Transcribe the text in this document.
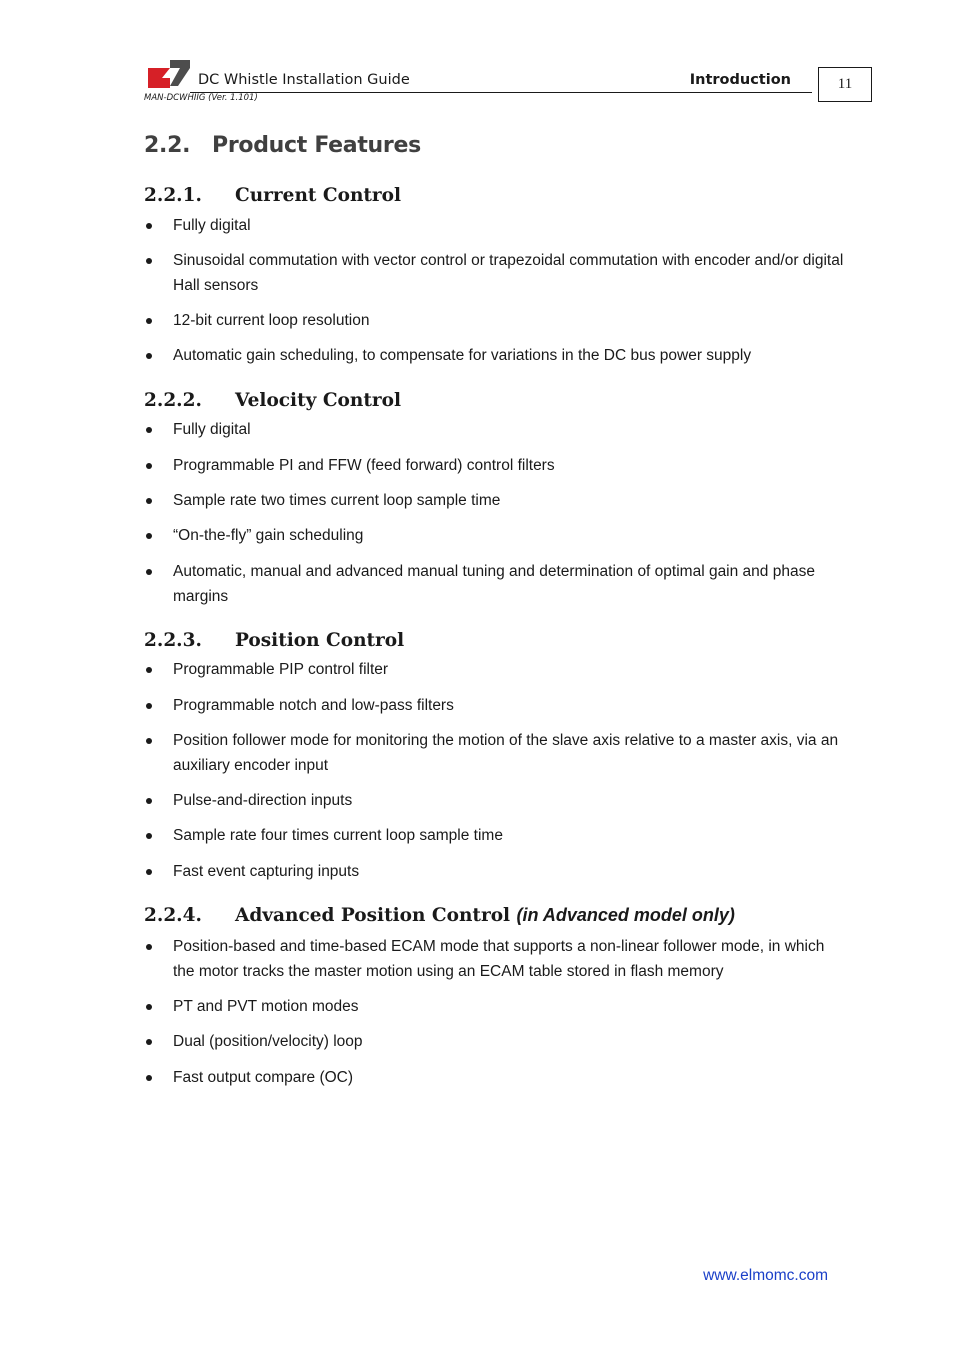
DC Whistle Installation Guide	Introduction
MAN-DCWHIIG (Ver. 1.101)
11
2.2. Product Features
2.2.1. Current Control
Fully digital
Sinusoidal commutation with vector control or trapezoidal commutation with encoder and/or digital Hall sensors
12-bit current loop resolution
Automatic gain scheduling, to compensate for variations in the DC bus power supply
2.2.2. Velocity Control
Fully digital
Programmable PI and FFW (feed forward) control filters
Sample rate two times current loop sample time
“On-the-fly” gain scheduling
Automatic, manual and advanced manual tuning and determination of optimal gain and phase margins
2.2.3. Position Control
Programmable PIP control filter
Programmable notch and low-pass filters
Position follower mode for monitoring the motion of the slave axis relative to a master axis, via an auxiliary encoder input
Pulse-and-direction inputs
Sample rate four times current loop sample time
Fast event capturing inputs
2.2.4. Advanced Position Control (in Advanced model only)
Position-based and time-based ECAM mode that supports a non-linear follower mode, in which the motor tracks the master motion using an ECAM table stored in flash memory
PT and PVT motion modes
Dual (position/velocity) loop
Fast output compare (OC)
www.elmomc.com
